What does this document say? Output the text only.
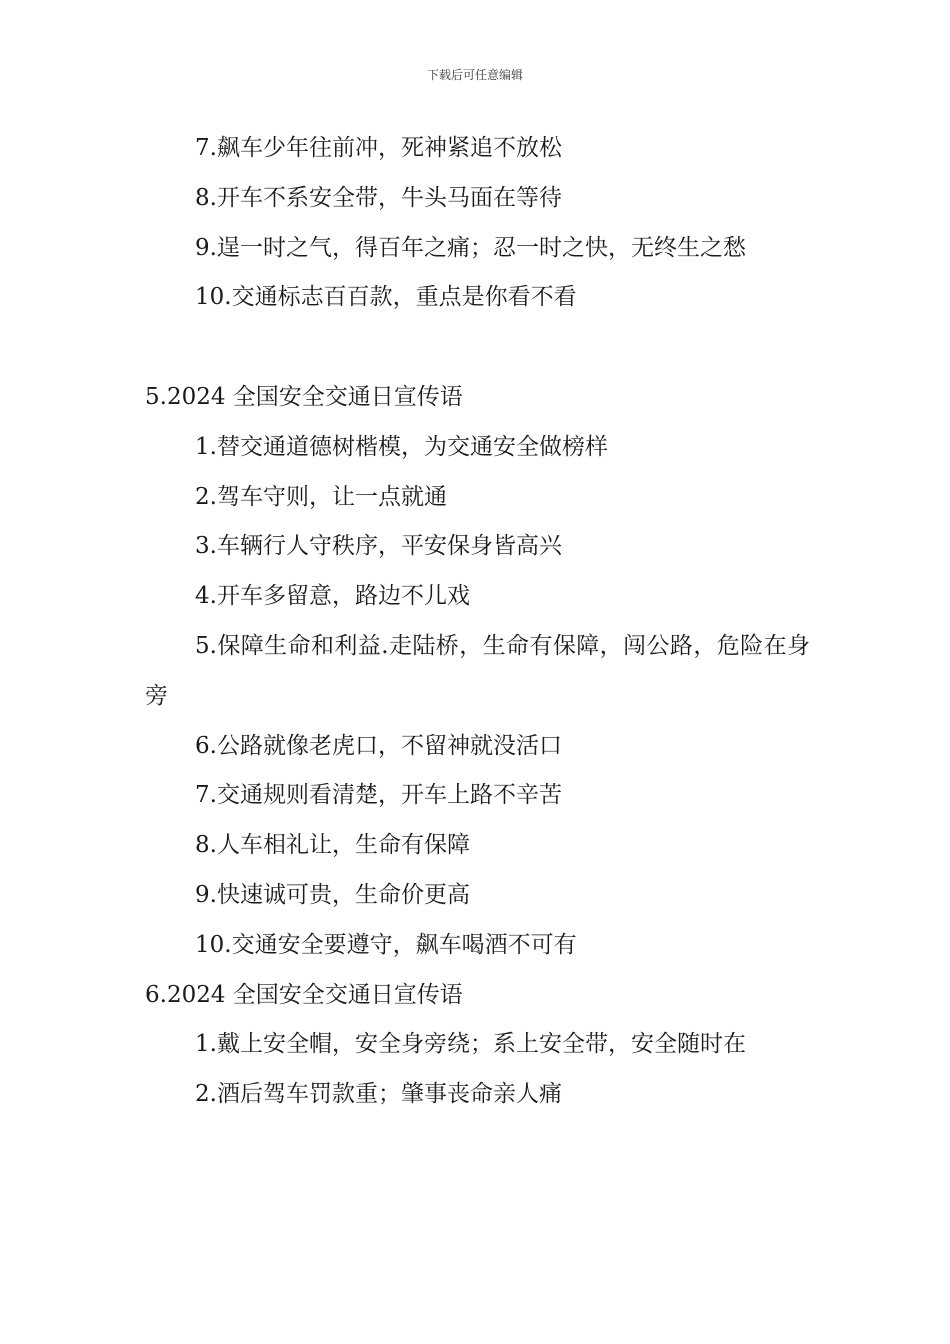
下载后可任意编辑

7.飙车少年往前冲，死神紧追不放松

8.开车不系安全带，牛头马面在等待

9.逞一时之气，得百年之痛；忍一时之快，无终生之愁

10.交通标志百百款，重点是你看不看

5.2024 全国安全交通日宣传语

1.替交通道德树楷模，为交通安全做榜样

2.驾车守则，让一点就通

3.车辆行人守秩序，平安保身皆高兴

4.开车多留意，路边不儿戏

5.保障生命和利益.走陆桥，生命有保障，闯公路，危险在身旁

6.公路就像老虎口，不留神就没活口

7.交通规则看清楚，开车上路不辛苦

8.人车相礼让，生命有保障

9.快速诚可贵，生命价更高

10.交通安全要遵守，飙车喝酒不可有

6.2024 全国安全交通日宣传语

1.戴上安全帽，安全身旁绕；系上安全带，安全随时在

2.酒后驾车罚款重；肇事丧命亲人痛
